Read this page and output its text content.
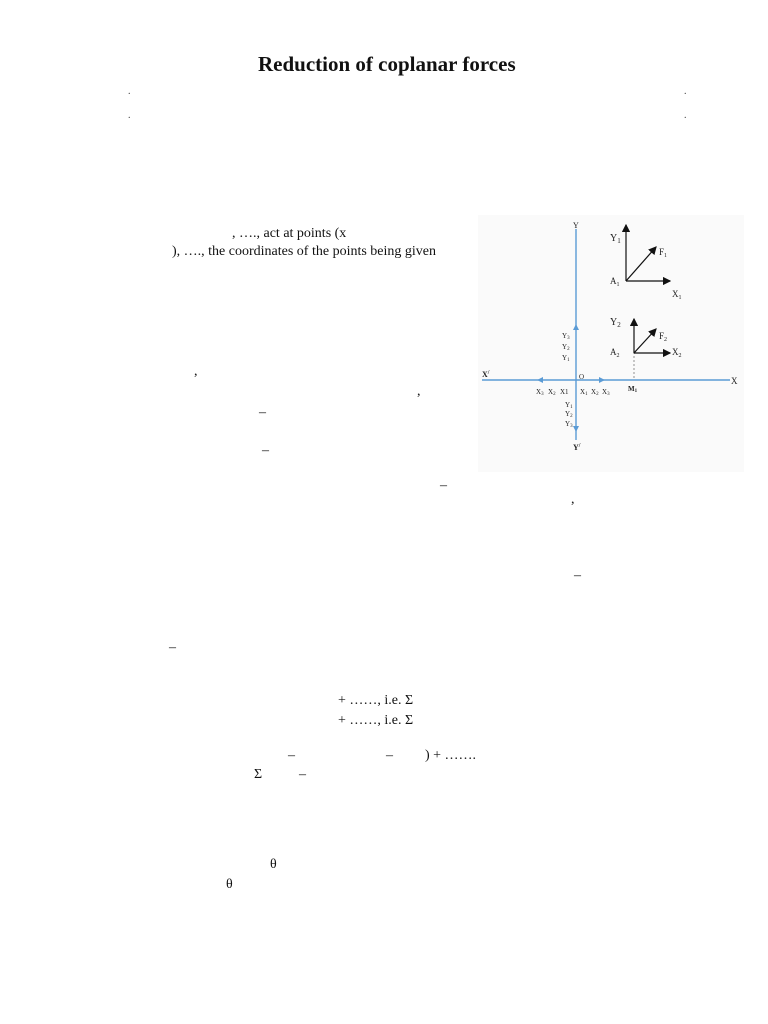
Reduction of coplanar forces
.	.
.	.
, …., act at points (x
), …., the coordinates of the points being given
,
,
–
–
–
,
–
–
+ ……, i.e. Σ
+ ……, i.e. Σ
–	– ) + …….
Σ	–
θ
θ
X
X/
Y
Y/
O
M1
X3 X2 X1 X1 X2 X3
Y3
Y2
Y1
Y1
Y2
Y3
$Y_1$
$F_1$
$A_1$
$X_1$
$Y_2$
$F_2$
$A_2$	$X_2$
